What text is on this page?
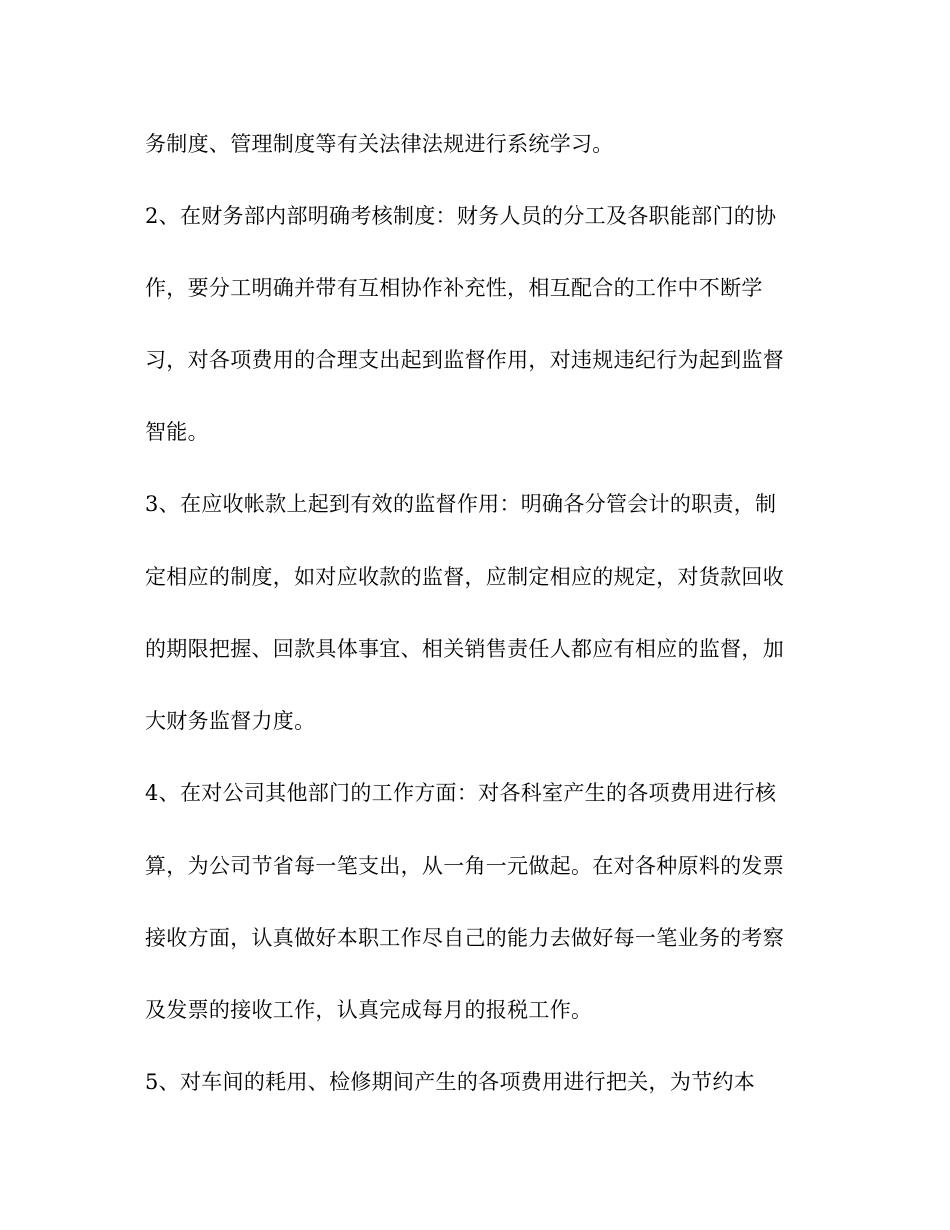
务制度、管理制度等有关法律法规进行系统学习。
2、在财务部内部明确考核制度：财务人员的分工及各职能部门的协
作，要分工明确并带有互相协作补充性，相互配合的工作中不断学
习，对各项费用的合理支出起到监督作用，对违规违纪行为起到监督
智能。
3、在应收帐款上起到有效的监督作用：明确各分管会计的职责，制
定相应的制度，如对应收款的监督，应制定相应的规定，对货款回收
的期限把握、回款具体事宜、相关销售责任人都应有相应的监督，加
大财务监督力度。
4、在对公司其他部门的工作方面：对各科室产生的各项费用进行核
算，为公司节省每一笔支出，从一角一元做起。在对各种原料的发票
接收方面，认真做好本职工作尽自己的能力去做好每一笔业务的考察
及发票的接收工作，认真完成每月的报税工作。
5、对车间的耗用、检修期间产生的各项费用进行把关，为节约本
